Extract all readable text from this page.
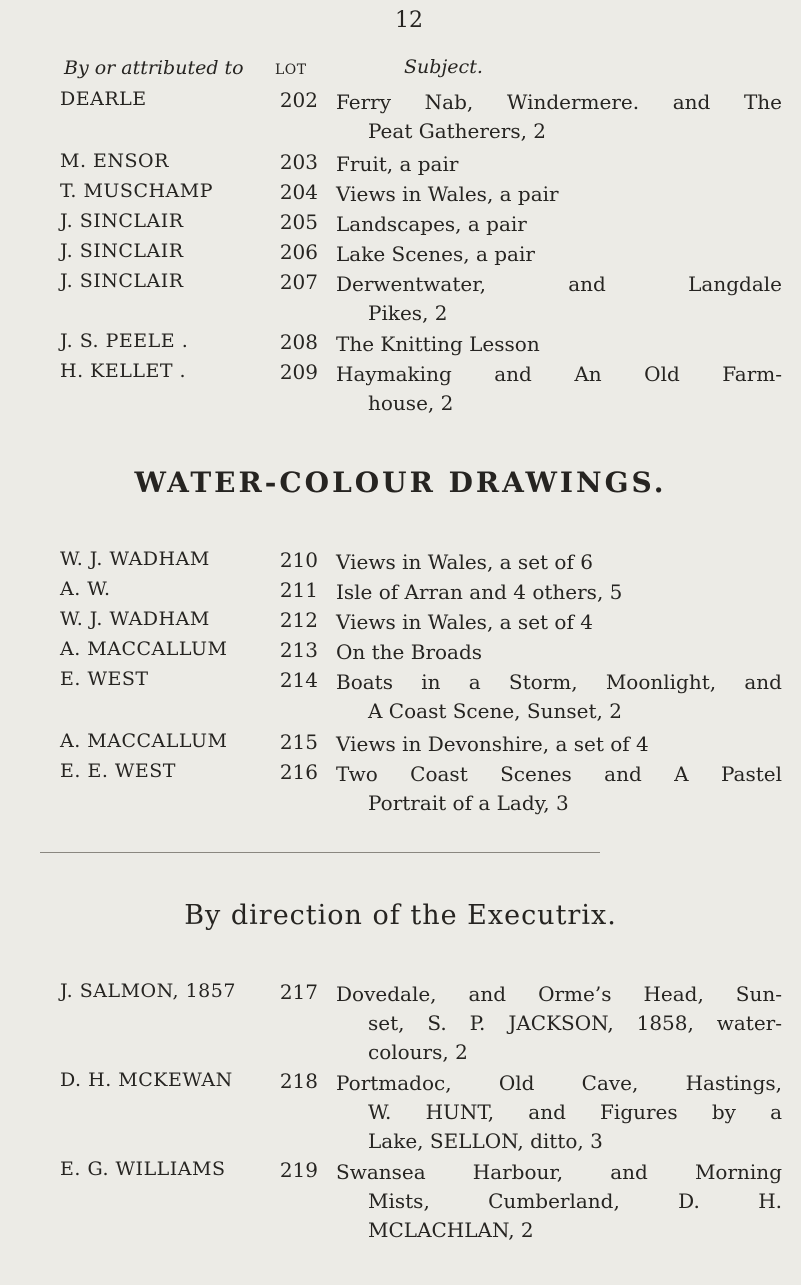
12
By or attributed to LOT	Subject.
DEARLE	202 Ferry Nab, Windermere. and The
Peat Gatherers, 2
M. ENSOR	203 Fruit, a pair
T. MUSCHAMP	204 Views in Wales, a pair
J. SINCLAIR	205 Landscapes, a pair
J. SINCLAIR	206 Lake Scenes, a pair
J. SINCLAIR	207 Derwentwater, and Langdale
Pikes, 2
J. S. PEELE .	208 The Knitting Lesson
H. KELLET .	209 Haymaking and An Old Farm-
house, 2
WATER-COLOUR DRAWINGS.
W. J. WADHAM	210 Views in Wales, a set of 6
A. W.	211 Isle of Arran and 4 others, 5
W. J. WADHAM	212 Views in Wales, a set of 4
A. MACCALLUM	213 On the Broads
E. WEST	214 Boats in a Storm, Moonlight, and
A Coast Scene, Sunset, 2
A. MACCALLUM	215 Views in Devonshire, a set of 4
E. E. WEST	216 Two Coast Scenes and A Pastel
Portrait of a Lady, 3
By direction of the Executrix.
J. SALMON, 1857	217 Dovedale, and Orme’s Head, Sun-
set, S. P. JACKSON, 1858, water-
colours, 2
D. H. MCKEWAN	218 Portmadoc, Old Cave, Hastings,
W. HUNT, and Figures by a
Lake, SELLON, ditto, 3
E. G. WILLIAMS	219 Swansea Harbour, and Morning
Mists, Cumberland, D. H.
MCLACHLAN, 2
